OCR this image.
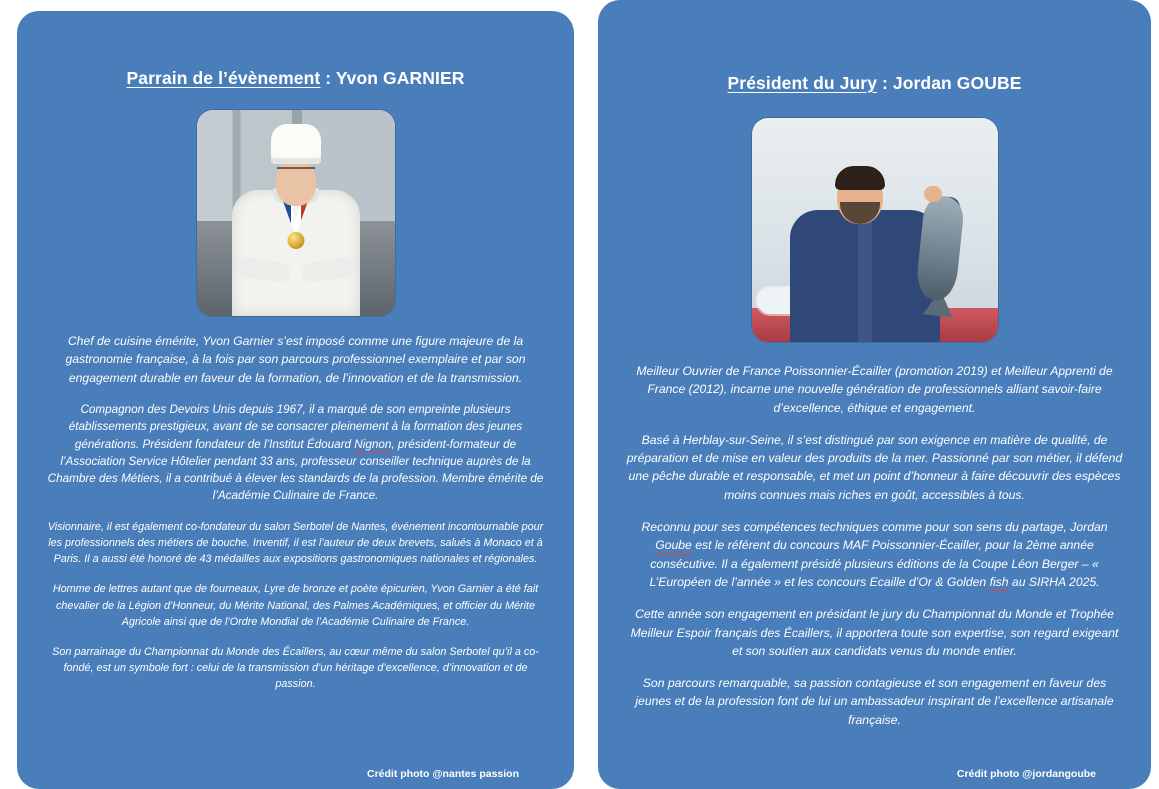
Parrain de l’évènement : Yvon GARNIER

Chef de cuisine émérite, Yvon Garnier s’est imposé comme une figure majeure de la gastronomie française, à la fois par son parcours professionnel exemplaire et par son engagement durable en faveur de la formation, de l’innovation et de la transmission.

Compagnon des Devoirs Unis depuis 1967, il a marqué de son empreinte plusieurs établissements prestigieux, avant de se consacrer pleinement à la formation des jeunes générations. Président fondateur de l’Institut Édouard Nignon, président-formateur de l’Association Service Hôtelier pendant 33 ans, professeur conseiller technique auprès de la Chambre des Métiers, il a contribué à élever les standards de la profession. Membre émérite de l’Académie Culinaire de France.

Visionnaire, il est également co-fondateur du salon Serbotel de Nantes, événement incontournable pour les professionnels des métiers de bouche. Inventif, il est l’auteur de deux brevets, salués à Monaco et à Paris. Il a aussi été honoré de 43 médailles aux expositions gastronomiques nationales et régionales.

Homme de lettres autant que de fourneaux, Lyre de bronze et poète épicurien, Yvon Garnier a été fait chevalier de la Légion d’Honneur, du Mérite National, des Palmes Académiques, et officier du Mérite Agricole ainsi que de l’Ordre Mondial de l’Académie Culinaire de France.

Son parrainage du Championnat du Monde des Écaillers, au cœur même du salon Serbotel qu’il a co-fondé, est un symbole fort : celui de la transmission d’un héritage d’excellence, d’innovation et de passion.

Crédit photo @nantes passion
Président du Jury : Jordan GOUBE

Meilleur Ouvrier de France Poissonnier-Écailler (promotion 2019) et Meilleur Apprenti de France (2012), incarne une nouvelle génération de professionnels alliant savoir-faire d’excellence, éthique et engagement.

Basé à Herblay-sur-Seine, il s’est distingué par son exigence en matière de qualité, de préparation et de mise en valeur des produits de la mer. Passionné par son métier, il défend une pêche durable et responsable, et met un point d’honneur à faire découvrir des espèces moins connues mais riches en goût, accessibles à tous.

Reconnu pour ses compétences techniques comme pour son sens du partage, Jordan Goube est le référent du concours MAF Poissonnier-Écailler, pour la 2ème année consécutive. Il a également présidé plusieurs éditions de la Coupe Léon Berger – « L’Européen de l’année » et les concours Ecaille d’Or & Golden fish au SIRHA 2025.

Cette année son engagement en présidant le jury du Championnat du Monde et Trophée Meilleur Espoir français des Écaillers, il apportera toute son expertise, son regard exigeant et son soutien aux candidats venus du monde entier.

Son parcours remarquable, sa passion contagieuse et son engagement en faveur des jeunes et de la profession font de lui un ambassadeur inspirant de l’excellence artisanale française.

Crédit photo @jordangoube
